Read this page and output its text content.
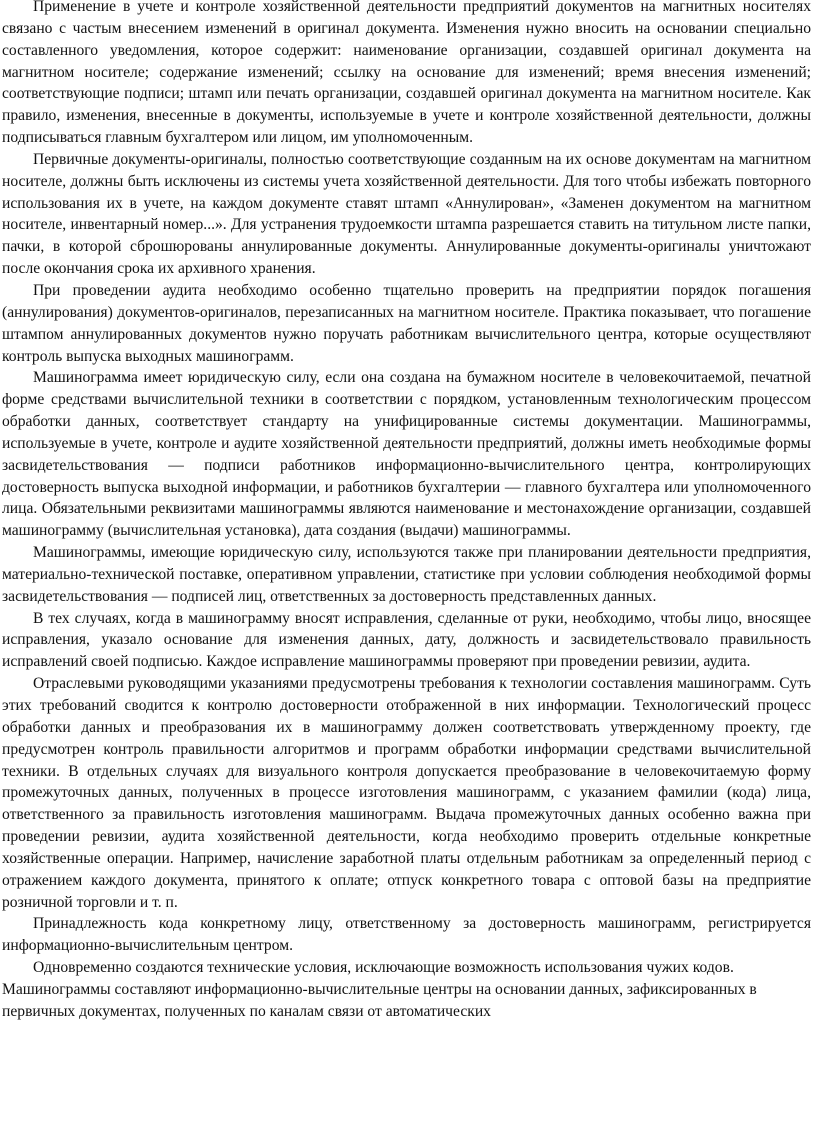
Применение в учете и контроле хозяйственной деятельности предприятий документов на магнитных носителях связано с частым внесением изменений в оригинал документа. Изменения нужно вносить на основании специально составленного уведомления, которое содержит: наименование организации, создавшей оригинал документа на магнитном носителе; содержание изменений; ссылку на основание для изменений; время внесения изменений; соответствующие подписи; штамп или печать организации, создавшей оригинал документа на магнитном носителе. Как правило, изменения, внесенные в документы, используемые в учете и контроле хозяйственной деятельности, должны подписываться главным бухгалтером или лицом, им уполномоченным.

Первичные документы-оригиналы, полностью соответствующие созданным на их основе документам на магнитном носителе, должны быть исключены из системы учета хозяйственной деятельности. Для того чтобы избежать повторного использования их в учете, на каждом документе ставят штамп «Аннулирован», «Заменен документом на магнитном носителе, инвентарный номер...». Для устранения трудоемкости штампа разрешается ставить на титульном листе папки, пачки, в которой сброшюрованы аннулированные документы. Аннулированные документы-оригиналы уничтожают после окончания срока их архивного хранения.

При проведении аудита необходимо особенно тщательно проверить на предприятии порядок погашения (аннулирования) документов-оригиналов, перезаписанных на магнитном носителе. Практика показывает, что погашение штампом аннулированных документов нужно поручать работникам вычислительного центра, которые осуществляют контроль выпуска выходных машинограмм.

Машинограмма имеет юридическую силу, если она создана на бумажном носителе в человекочитаемой, печатной форме средствами вычислительной техники в соответствии с порядком, установленным технологическим процессом обработки данных, соответствует стандарту на унифицированные системы документации. Машинограммы, используемые в учете, контроле и аудите хозяйственной деятельности предприятий, должны иметь необходимые формы засвидетельствования — подписи работников информационно-вычислительного центра, контролирующих достоверность выпуска выходной информации, и работников бухгалтерии — главного бухгалтера или уполномоченного лица. Обязательными реквизитами машинограммы являются наименование и местонахождение организации, создавшей машинограмму (вычислительная установка), дата создания (выдачи) машинограммы.

Машинограммы, имеющие юридическую силу, используются также при планировании деятельности предприятия, материально-технической поставке, оперативном управлении, статистике при условии соблюдения необходимой формы засвидетельствования — подписей лиц, ответственных за достоверность представленных данных.

В тех случаях, когда в машинограмму вносят исправления, сделанные от руки, необходимо, чтобы лицо, вносящее исправления, указало основание для изменения данных, дату, должность и засвидетельствовало правильность исправлений своей подписью. Каждое исправление машинограммы проверяют при проведении ревизии, аудита.

Отраслевыми руководящими указаниями предусмотрены требования к технологии составления машинограмм. Суть этих требований сводится к контролю достоверности отображенной в них информации. Технологический процесс обработки данных и преобразования их в машинограмму должен соответствовать утвержденному проекту, где предусмотрен контроль правильности алгоритмов и программ обработки информации средствами вычислительной техники. В отдельных случаях для визуального контроля допускается преобразование в человекочитаемую форму промежуточных данных, полученных в процессе изготовления машинограмм, с указанием фамилии (кода) лица, ответственного за правильность изготовления машинограмм. Выдача промежуточных данных особенно важна при проведении ревизии, аудита хозяйственной деятельности, когда необходимо проверить отдельные конкретные хозяйственные операции. Например, начисление заработной платы отдельным работникам за определенный период с отражением каждого документа, принятого к оплате; отпуск конкретного товара с оптовой базы на предприятие розничной торговли и т. п.

Принадлежность кода конкретному лицу, ответственному за достоверность машинограмм, регистрируется информационно-вычислительным центром.

Одновременно создаются технические условия, исключающие возможность использования чужих кодов.

Машинограммы составляют информационно-вычислительные центры на основании данных, зафиксированных в первичных документах, полученных по каналам связи от автоматических
